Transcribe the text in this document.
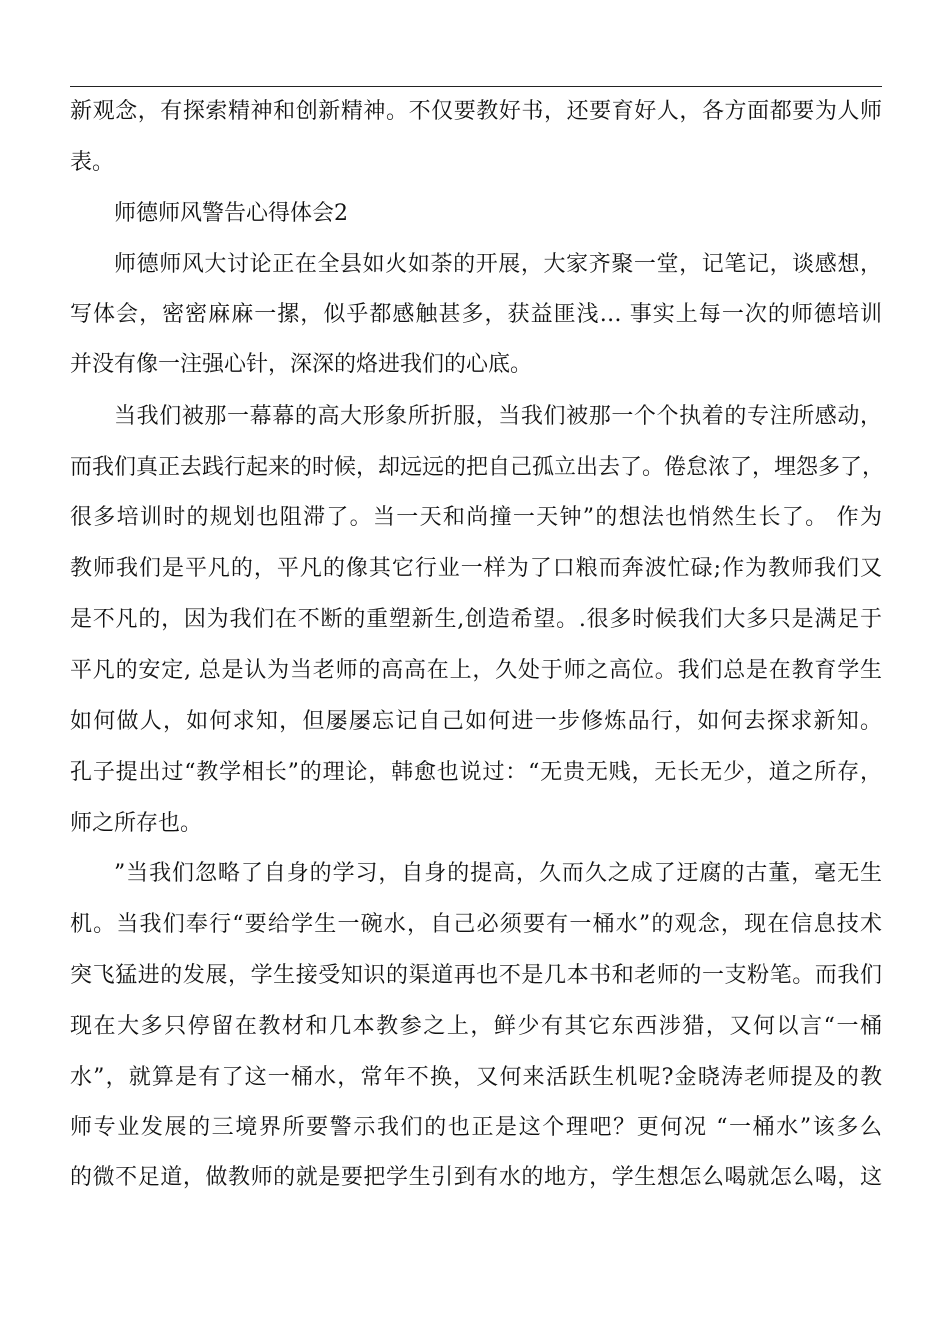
新观念，有探索精神和创新精神。不仅要教好书，还要育好人，各方面都要为人师
表。
师德师风警告心得体会2
师德师风大讨论正在全县如火如荼的开展，大家齐聚一堂，记笔记，谈感想，
写体会，密密麻麻一摞，似乎都感触甚多，获益匪浅… 事实上每一次的师德培训
并没有像一注强心针，深深的烙进我们的心底。
当我们被那一幕幕的高大形象所折服，当我们被那一个个执着的专注所感动，
而我们真正去践行起来的时候，却远远的把自己孤立出去了。倦怠浓了，埋怨多了，
很多培训时的规划也阻滞了。当一天和尚撞一天钟”的想法也悄然生长了。 作为
教师我们是平凡的，平凡的像其它行业一样为了口粮而奔波忙碌;作为教师我们又
是不凡的，因为我们在不断的重塑新生,创造希望。.很多时候我们大多只是满足于
平凡的安定, 总是认为当老师的高高在上，久处于师之高位。我们总是在教育学生
如何做人，如何求知，但屡屡忘记自己如何进一步修炼品行，如何去探求新知。
孔子提出过“教学相长”的理论，韩愈也说过：“无贵无贱，无长无少，道之所存，
师之所存也。
”当我们忽略了自身的学习，自身的提高，久而久之成了迂腐的古董，毫无生
机。当我们奉行“要给学生一碗水，自己必须要有一桶水”的观念，现在信息技术
突飞猛进的发展，学生接受知识的渠道再也不是几本书和老师的一支粉笔。而我们
现在大多只停留在教材和几本教参之上，鲜少有其它东西涉猎，又何以言“一桶
水”，就算是有了这一桶水，常年不换，又何来活跃生机呢?金晓涛老师提及的教
师专业发展的三境界所要警示我们的也正是这个理吧？更何况 “一桶水”该多么
的微不足道，做教师的就是要把学生引到有水的地方，学生想怎么喝就怎么喝，这
